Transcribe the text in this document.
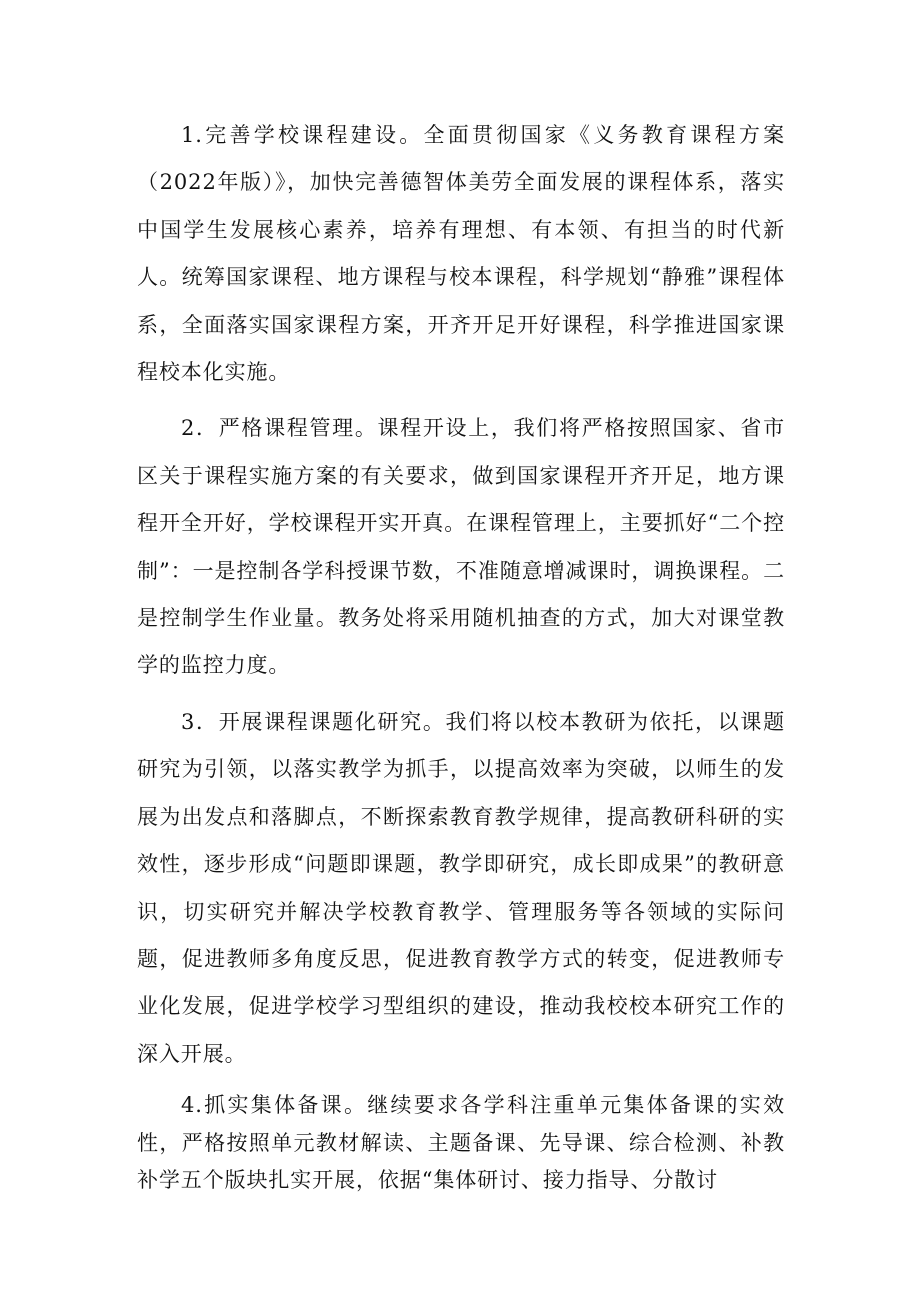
1.完善学校课程建设。全面贯彻国家《义务教育课程方案（2022年版）》，加快完善德智体美劳全面发展的课程体系，落实中国学生发展核心素养，培养有理想、有本领、有担当的时代新人。统筹国家课程、地方课程与校本课程，科学规划“静雅”课程体系，全面落实国家课程方案，开齐开足开好课程，科学推进国家课程校本化实施。

2．严格课程管理。课程开设上，我们将严格按照国家、省市区关于课程实施方案的有关要求，做到国家课程开齐开足，地方课程开全开好，学校课程开实开真。在课程管理上，主要抓好“二个控制”：一是控制各学科授课节数，不准随意增减课时，调换课程。二是控制学生作业量。教务处将采用随机抽查的方式，加大对课堂教学的监控力度。

3．开展课程课题化研究。我们将以校本教研为依托，以课题研究为引领，以落实教学为抓手，以提高效率为突破，以师生的发展为出发点和落脚点，不断探索教育教学规律，提高教研科研的实效性，逐步形成“问题即课题，教学即研究，成长即成果”的教研意识，切实研究并解决学校教育教学、管理服务等各领域的实际问题，促进教师多角度反思，促进教育教学方式的转变，促进教师专业化发展，促进学校学习型组织的建设，推动我校校本研究工作的深入开展。

4.抓实集体备课。继续要求各学科注重单元集体备课的实效性，严格按照单元教材解读、主题备课、先导课、综合检测、补教补学五个版块扎实开展，依据“集体研讨、接力指导、分散讨
